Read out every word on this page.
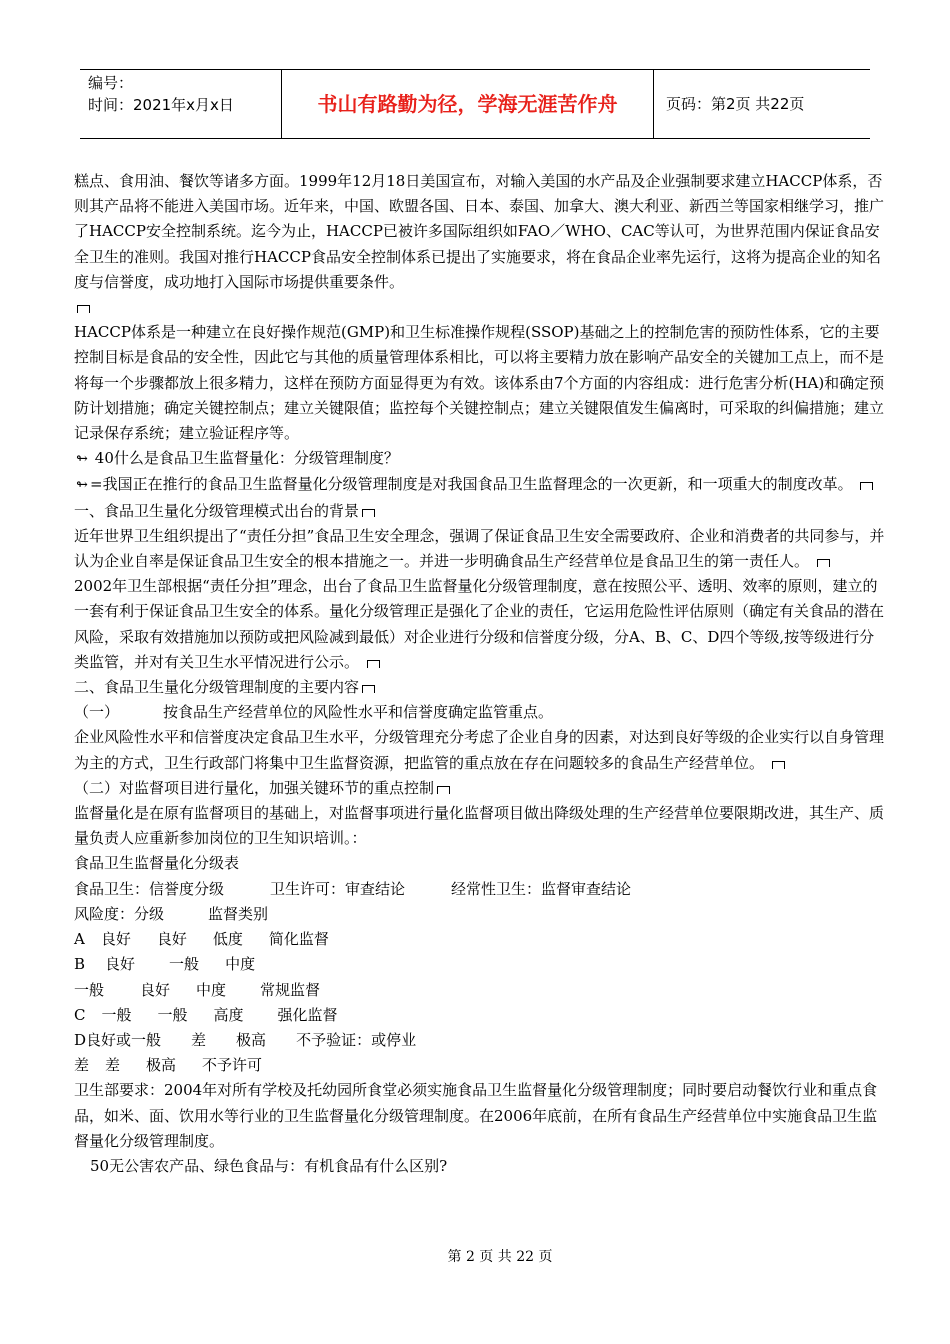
编号：
时间：2021年x月x日	书山有路勤为径，学海无涯苦作舟	页码：第2页 共22页

糕点、食用油、餐饮等诸多方面。1999年12月18日美国宣布，对输入美国的水产品及企业强制要求建立HACCP体系，否则其产品将不能进入美国市场。近年来，中国、欧盟各国、日本、泰国、加拿大、澳大利亚、新西兰等国家相继学习，推广了HACCP安全控制系统。迄今为止，HACCP已被许多国际组织如FAO／WHO、CAC等认可，为世界范围内保证食品安全卫生的准则。我国对推行HACCP食品安全控制体系已提出了实施要求，将在食品企业率先运行，这将为提高企业的知名度与信誉度，成功地打入国际市场提供重要条件。

HACCP体系是一种建立在良好操作规范(GMP)和卫生标准操作规程(SSOP)基础之上的控制危害的预防性体系，它的主要控制目标是食品的安全性，因此它与其他的质量管理体系相比，可以将主要精力放在影响产品安全的关键加工点上，而不是将每一个步骤都放上很多精力，这样在预防方面显得更为有效。该体系由7个方面的内容组成：进行危害分析(HA)和确定预防计划措施；确定关键控制点；建立关键限值；监控每个关键控制点；建立关键限值发生偏离时，可采取的纠偏措施；建立记录保存系统；建立验证程序等。

↬ 40什么是食品卫生监督量化：分级管理制度？

↬ =我国正在推行的食品卫生监督量化分级管理制度是对我国食品卫生监督理念的一次更新，和一项重大的制度改革。

一、食品卫生量化分级管理模式出台的背景

近年世界卫生组织提出了“责任分担”食品卫生安全理念，强调了保证食品卫生安全需要政府、企业和消费者的共同参与，并认为企业自率是保证食品卫生安全的根本措施之一。并进一步明确食品生产经营单位是食品卫生的第一责任人。

2002年卫生部根据“责任分担”理念，出台了食品卫生监督量化分级管理制度，意在按照公平、透明、效率的原则，建立的一套有利于保证食品卫生安全的体系。量化分级管理正是强化了企业的责任，它运用危险性评估原则（确定有关食品的潜在风险，采取有效措施加以预防或把风险减到最低）对企业进行分级和信誉度分级，分A、B、C、D四个等级,按等级进行分类监管，并对有关卫生水平情况进行公示。

二、食品卫生量化分级管理制度的主要内容

（一）	按食品生产经营单位的风险性水平和信誉度确定监管重点。

企业风险性水平和信誉度决定食品卫生水平，分级管理充分考虑了企业自身的因素，对达到良好等级的企业实行以自身管理为主的方式，卫生行政部门将集中卫生监督资源，把监管的重点放在存在问题较多的食品生产经营单位。

（二）对监督项目进行量化，加强关键环节的重点控制

监督量化是在原有监督项目的基础上，对监督事项进行量化监督项目做出降级处理的生产经营单位要限期改进，其生产、质量负责人应重新参加岗位的卫生知识培训。：

食品卫生监督量化分级表

食品卫生：信誉度分级	卫生许可：审查结论	经常性卫生：监督审查结论

风险度：分级	监督类别

A 良好 良好 低度 简化监督

B 良好 一般 中度

一般 良好 中度 常规监督

C 一般 一般 高度 强化监督

D良好或一般 差 极高 不予验证：或停业

差 差 极高 不予许可

卫生部要求：2004年对所有学校及托幼园所食堂必须实施食品卫生监督量化分级管理制度；同时要启动餐饮行业和重点食品，如米、面、饮用水等行业的卫生监督量化分级管理制度。在2006年底前，在所有食品生产经营单位中实施食品卫生监督量化分级管理制度。

50无公害农产品、绿色食品与：有机食品有什么区别?

第 2 页 共 22 页
